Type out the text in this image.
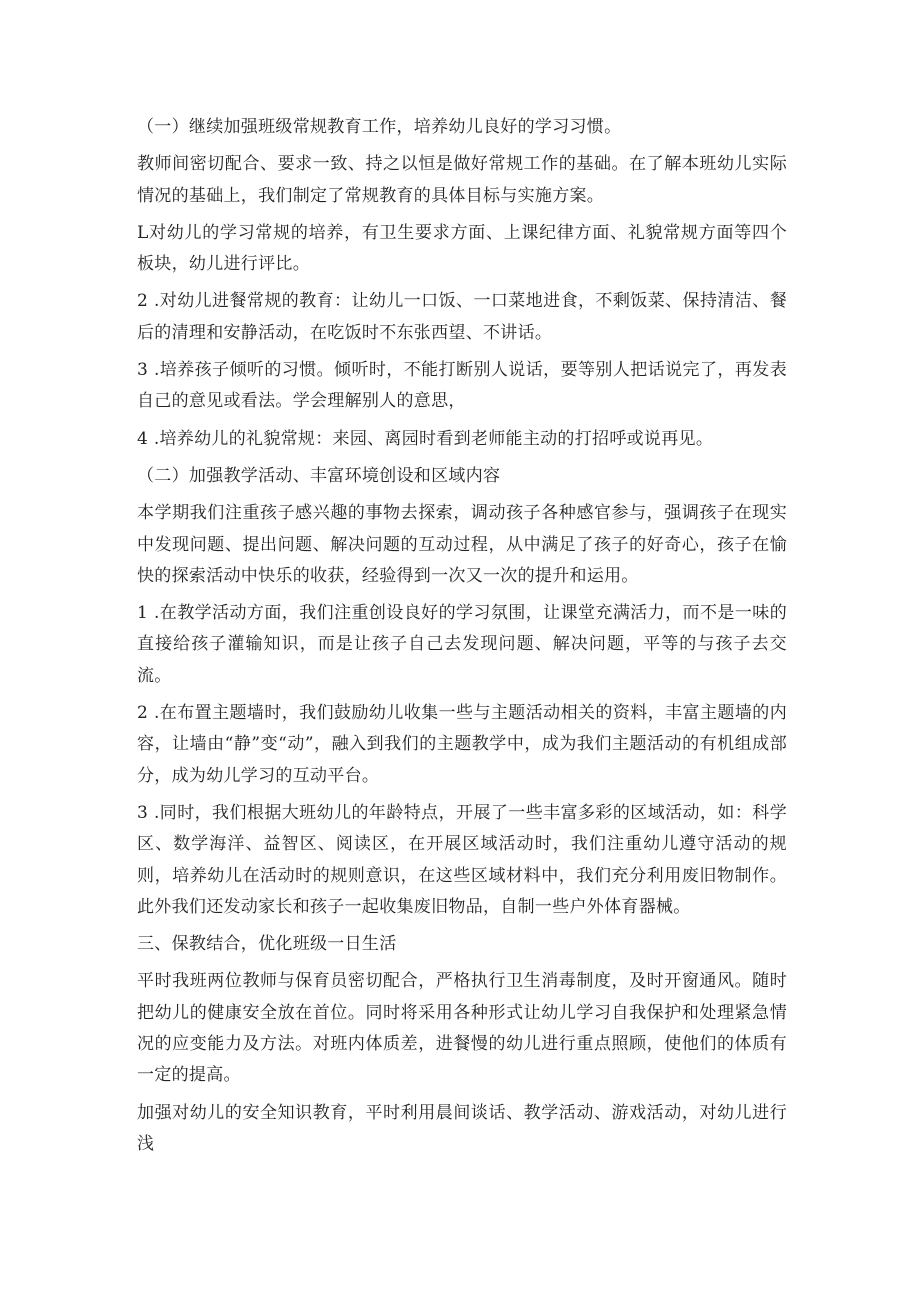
（一）继续加强班级常规教育工作，培养幼儿良好的学习习惯。

教师间密切配合、要求一致、持之以恒是做好常规工作的基础。在了解本班幼儿实际情况的基础上，我们制定了常规教育的具体目标与实施方案。

L对幼儿的学习常规的培养，有卫生要求方面、上课纪律方面、礼貌常规方面等四个板块，幼儿进行评比。

2 .对幼儿进餐常规的教育：让幼儿一口饭、一口菜地进食，不剩饭菜、保持清洁、餐后的清理和安静活动，在吃饭时不东张西望、不讲话。

3 .培养孩子倾听的习惯。倾听时，不能打断别人说话，要等别人把话说完了，再发表自己的意见或看法。学会理解别人的意思，

4 .培养幼儿的礼貌常规：来园、离园时看到老师能主动的打招呼或说再见。

（二）加强教学活动、丰富环境创设和区域内容

本学期我们注重孩子感兴趣的事物去探索，调动孩子各种感官参与，强调孩子在现实中发现问题、提出问题、解决问题的互动过程，从中满足了孩子的好奇心，孩子在愉快的探索活动中快乐的收获，经验得到一次又一次的提升和运用。

1 .在教学活动方面，我们注重创设良好的学习氛围，让课堂充满活力，而不是一味的直接给孩子灌输知识，而是让孩子自己去发现问题、解决问题，平等的与孩子去交流。

2 .在布置主题墙时，我们鼓励幼儿收集一些与主题活动相关的资料，丰富主题墙的内容，让墙由“静”变“动”，融入到我们的主题教学中，成为我们主题活动的有机组成部分，成为幼儿学习的互动平台。

3 .同时，我们根据大班幼儿的年龄特点，开展了一些丰富多彩的区域活动，如：科学区、数学海洋、益智区、阅读区，在开展区域活动时，我们注重幼儿遵守活动的规则，培养幼儿在活动时的规则意识，在这些区域材料中，我们充分利用废旧物制作。此外我们还发动家长和孩子一起收集废旧物品，自制一些户外体育器械。

三、保教结合，优化班级一日生活

平时我班两位教师与保育员密切配合，严格执行卫生消毒制度，及时开窗通风。随时把幼儿的健康安全放在首位。同时将采用各种形式让幼儿学习自我保护和处理紧急情况的应变能力及方法。对班内体质差，进餐慢的幼儿进行重点照顾，使他们的体质有一定的提高。

加强对幼儿的安全知识教育，平时利用晨间谈话、教学活动、游戏活动，对幼儿进行浅
